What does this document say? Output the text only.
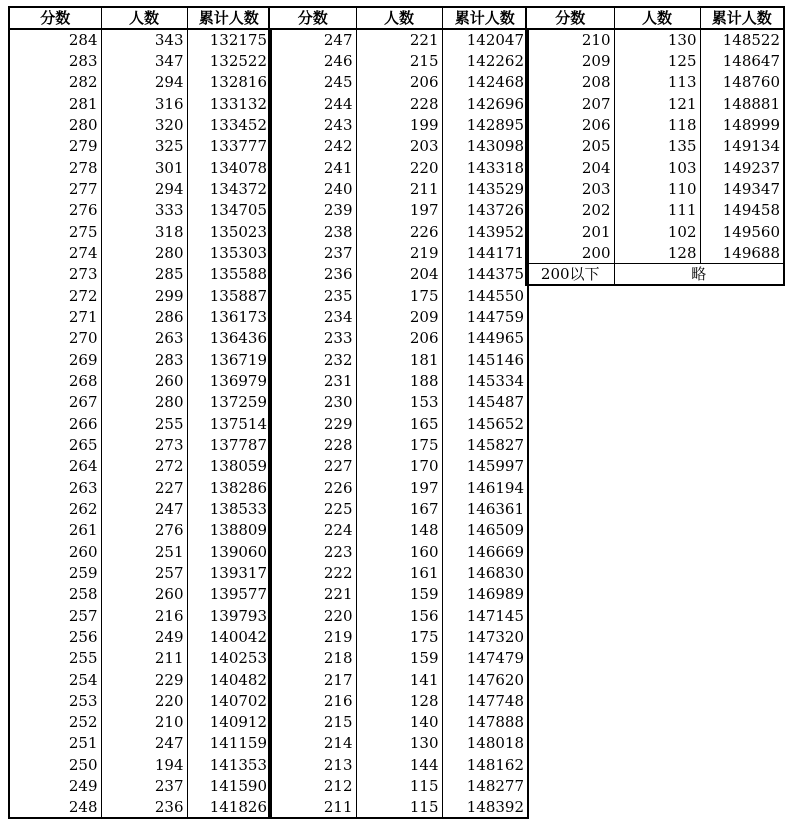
分数	人数	累计人数
284	343	132175
283	347	132522
282	294	132816
281	316	133132
280	320	133452
279	325	133777
278	301	134078
277	294	134372
276	333	134705
275	318	135023
274	280	135303
273	285	135588
272	299	135887
271	286	136173
270	263	136436
269	283	136719
268	260	136979
267	280	137259
266	255	137514
265	273	137787
264	272	138059
263	227	138286
262	247	138533
261	276	138809
260	251	139060
259	257	139317
258	260	139577
257	216	139793
256	249	140042
255	211	140253
254	229	140482
253	220	140702
252	210	140912
251	247	141159
250	194	141353
249	237	141590
248	236	141826
分数	人数	累计人数
247	221	142047
246	215	142262
245	206	142468
244	228	142696
243	199	142895
242	203	143098
241	220	143318
240	211	143529
239	197	143726
238	226	143952
237	219	144171
236	204	144375
235	175	144550
234	209	144759
233	206	144965
232	181	145146
231	188	145334
230	153	145487
229	165	145652
228	175	145827
227	170	145997
226	197	146194
225	167	146361
224	148	146509
223	160	146669
222	161	146830
221	159	146989
220	156	147145
219	175	147320
218	159	147479
217	141	147620
216	128	147748
215	140	147888
214	130	148018
213	144	148162
212	115	148277
211	115	148392
分数	人数	累计人数
210	130	148522
209	125	148647
208	113	148760
207	121	148881
206	118	148999
205	135	149134
204	103	149237
203	110	149347
202	111	149458
201	102	149560
200	128	149688
200以下	略	
